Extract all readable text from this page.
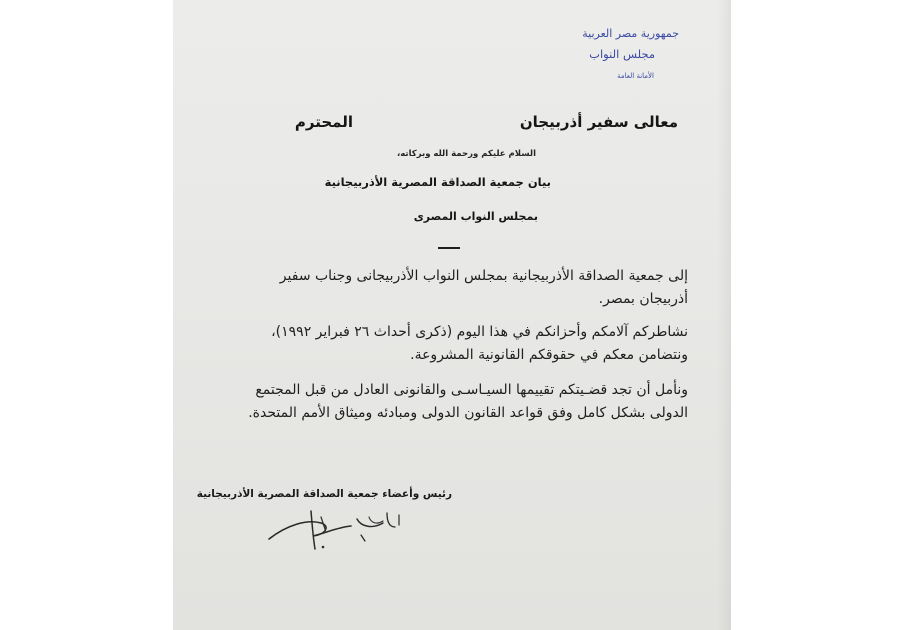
جمهورية مصر العربية
مجلس النواب
الأمانة العامة
معالى سفير أذربيجان
المحترم
السلام عليكم ورحمة الله وبركاته،
بيان جمعية الصداقة المصرية الأذربيجانية
بمجلس النواب المصرى
إلى جمعية الصداقة الأذربيجانية بمجلس النواب الأذربيجانى وجناب سفير
أذربيجان بمصر.
نشاطركم آلامكم وأحزانكم في هذا اليوم (ذكرى أحداث ٢٦ فبراير ١٩٩٢)،
ونتضامن معكم في حقوقكم القانونية المشروعة.
ونأمل أن تجد قضـيتكم تقييمها السيـاسـى والقانونى العادل من قبل المجتمع
الدولى بشكل كامل وفق قواعد القانون الدولى ومبادئه وميثاق الأمم المتحدة.
رئيس وأعضاء جمعية الصداقة المصرية الأذربيجانية
